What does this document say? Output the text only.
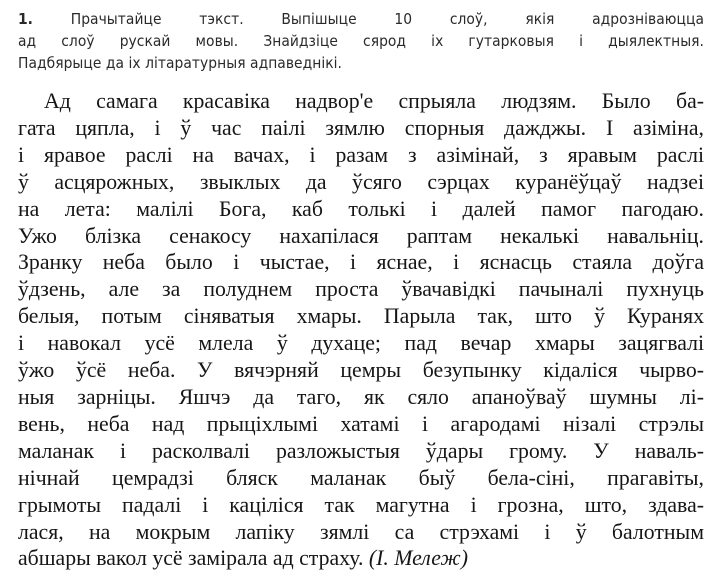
1. Прачытайце тэкст. Выпішыце 10 слоў, якія адрозніваюцца
ад слоў рускай мовы. Знайдзіце сярод іх гутарковыя і дыялектныя.
Падбярыце да іх літаратурныя адпаведнікі.
Ад самага красавіка надвор'е спрыяла людзям. Было ба-
гата цяпла, і ў час паілі зямлю спорныя дажджы. І азіміна,
і яравое раслі на вачах, і разам з азімінай, з яравым раслі
ў асцярожных, звыклых да ўсяго сэрцах куранёўцаў надзеі
на лета: малілі Бога, каб толькі і далей памог пагодаю.
Ужо блізка сенакосу нахапілася раптам некалькі навальніц.
Зранку неба было і чыстае, і яснае, і яснасць стаяла доўга
ўдзень, але за полуднем проста ўвачавідкі пачыналі пухнуць
белыя, потым сіняватыя хмары. Парыла так, што ў Куранях
і навокал усё млела ў духаце; пад вечар хмары зацягвалі
ўжо ўсё неба. У вячэрняй цемры безупынку кідаліся чырво-
ныя зарніцы. Яшчэ да таго, як сяло апаноўваў шумны лі-
вень, неба над прыціхлымі хатамі і агародамі нізалі стрэлы
маланак і расколвалі разложыстыя ўдары грому. У наваль-
нічнай цемрадзі бляск маланак быў бела-сіні, прагавіты,
грымоты падалі і каціліся так магутна і грозна, што, здава-
лася, на мокрым лапіку зямлі са стрэхамі і ў балотным
абшары вакол усё замірала ад страху. (І. Мележ)
